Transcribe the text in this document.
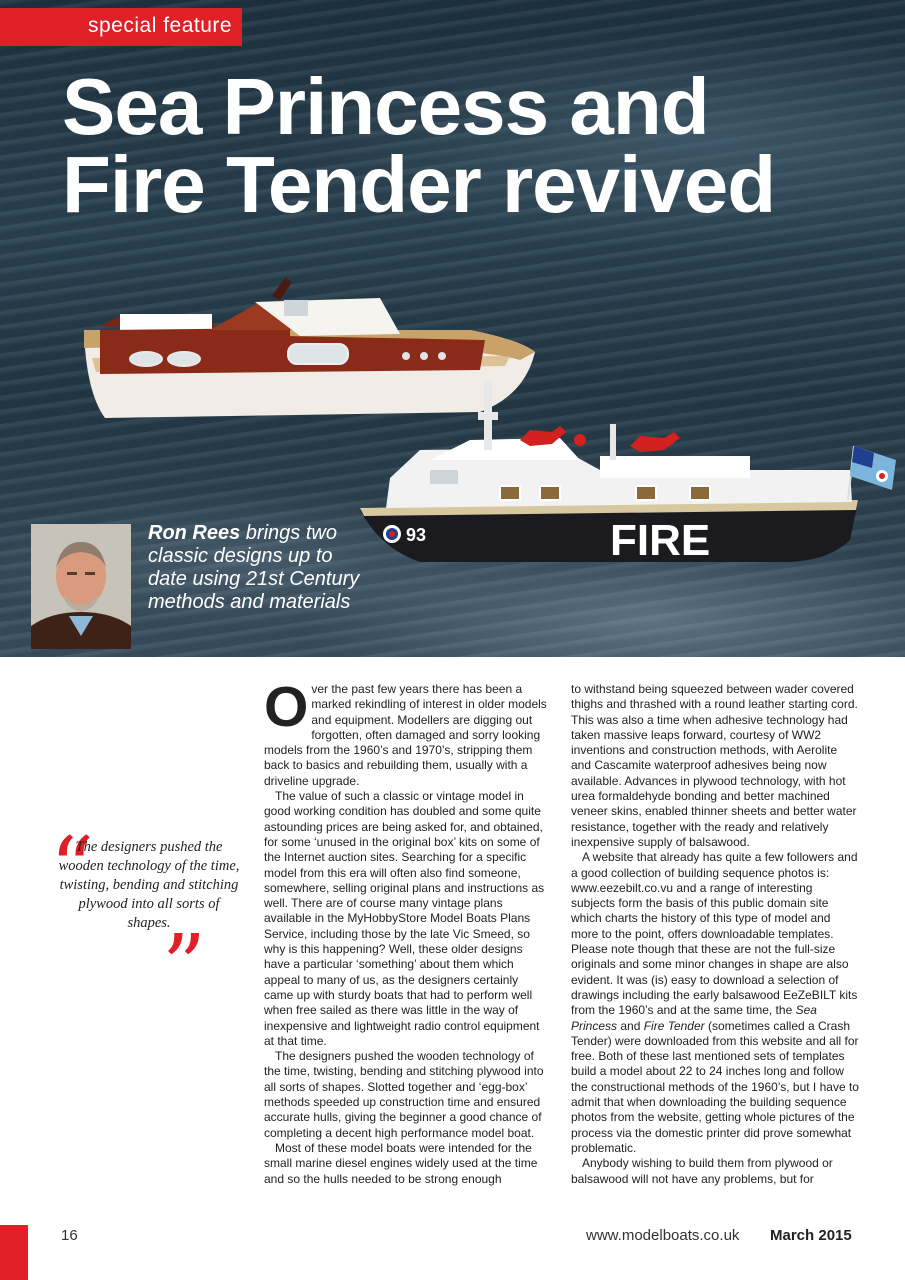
93	FIRE
special feature
Sea Princess and
Fire Tender revived
Ron Rees brings two classic designs up to date using 21st Century methods and materials
“
The designers pushed the wooden technology of the time, twisting, bending and stitching plywood into all sorts of shapes.
”

Over the past few years there has been a marked rekindling of interest in older models and equipment. Modellers are digging out forgotten, often damaged and sorry looking models from the 1960’s and 1970’s, stripping them back to basics and rebuilding them, usually with a driveline upgrade.

The value of such a classic or vintage model in good working condition has doubled and some quite astounding prices are being asked for, and obtained, for some ‘unused in the original box’ kits on some of the Internet auction sites. Searching for a specific model from this era will often also find someone, somewhere, selling original plans and instructions as well. There are of course many vintage plans available in the MyHobbyStore Model Boats Plans Service, including those by the late Vic Smeed, so why is this happening? Well, these older designs have a particular ‘something’ about them which appeal to many of us, as the designers certainly came up with sturdy boats that had to perform well when free sailed as there was little in the way of inexpensive and lightweight radio control equipment at that time.

The designers pushed the wooden technology of the time, twisting, bending and stitching plywood into all sorts of shapes. Slotted together and ‘egg-box’ methods speeded up construction time and ensured accurate hulls, giving the beginner a good chance of completing a decent high performance model boat.

Most of these model boats were intended for the small marine diesel engines widely used at the time and so the hulls needed to be strong enough

to withstand being squeezed between wader covered thighs and thrashed with a round leather starting cord. This was also a time when adhesive technology had taken massive leaps forward, courtesy of WW2 inventions and construction methods, with Aerolite and Cascamite waterproof adhesives being now available. Advances in plywood technology, with hot urea formaldehyde bonding and better machined veneer skins, enabled thinner sheets and better water resistance, together with the ready and relatively inexpensive supply of balsawood.

A website that already has quite a few followers and a good collection of building sequence photos is: www.eezebilt.co.vu and a range of interesting subjects form the basis of this public domain site which charts the history of this type of model and more to the point, offers downloadable templates. Please note though that these are not the full-size originals and some minor changes in shape are also evident. It was (is) easy to download a selection of drawings including the early balsawood EeZeBILT kits from the 1960’s and at the same time, the Sea Princess and Fire Tender (sometimes called a Crash Tender) were downloaded from this website and all for free. Both of these last mentioned sets of templates build a model about 22 to 24 inches long and follow the constructional methods of the 1960’s, but I have to admit that when downloading the building sequence photos from the website, getting whole pictures of the process via the domestic printer did prove somewhat problematic.

Anybody wishing to build them from plywood or balsawood will not have any problems, but for

16	www.modelboats.co.uk March 2015
